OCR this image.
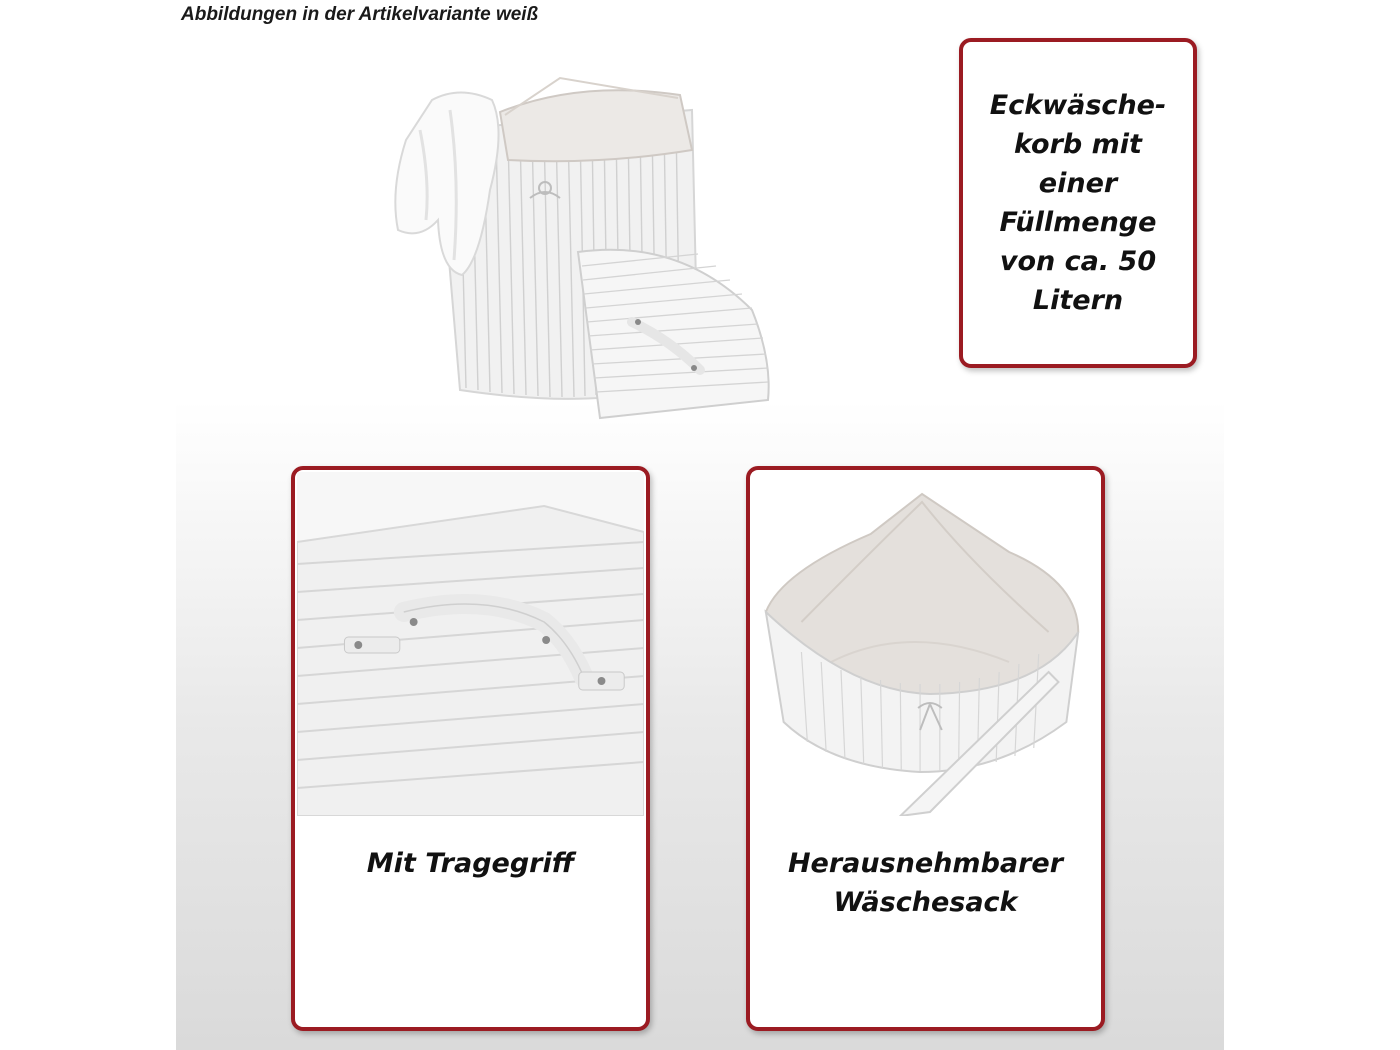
Abbildungen in der Artikelvariante weiß
Eckwäsche-
korb mit
einer
Füllmenge
von ca. 50
Litern
Mit Tragegriff	Herausnehmbarer
Wäschesack
